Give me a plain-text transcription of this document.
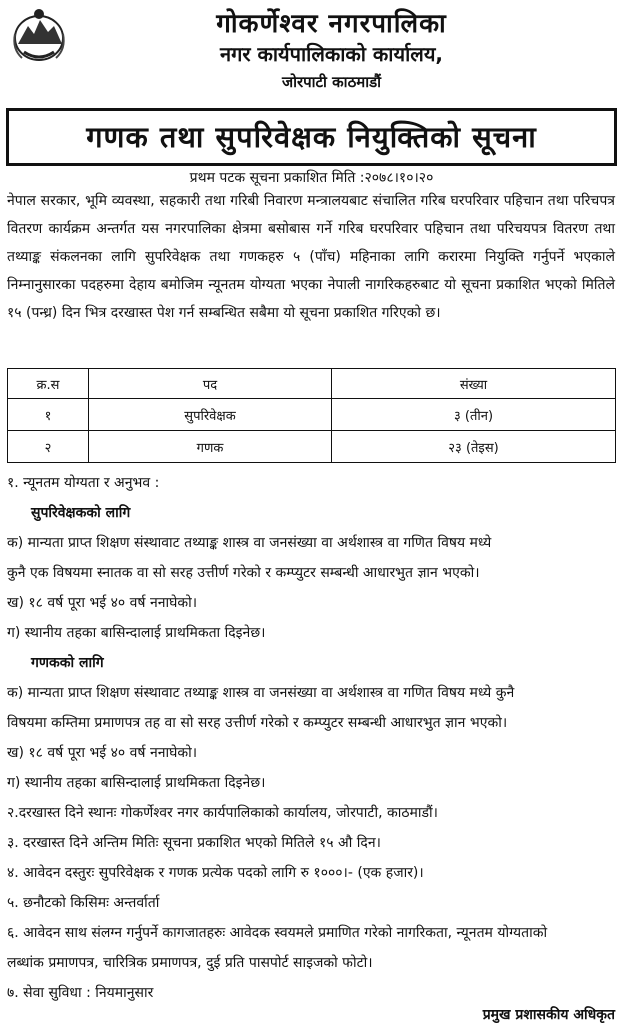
गोकर्णेश्वर नगरपालिका
नगर कार्यपालिकाको कार्यालय,
जोरपाटी काठमाडौं
गणक तथा सुपरिवेक्षक नियुक्तिको सूचना
प्रथम पटक सूचना प्रकाशित मिति :२०७८।१०।२०
नेपाल सरकार, भूमि व्यवस्था, सहकारी तथा गरिबी निवारण मन्त्रालयबाट संचालित गरिब घरपरिवार पहिचान तथा परिचपत्र वितरण कार्यक्रम अन्तर्गत यस नगरपालिका क्षेत्रमा बसोबास गर्ने गरिब घरपरिवार पहिचान तथा परिचयपत्र वितरण तथा तथ्याङ्क संकलनका लागि सुपरिवेक्षक तथा गणकहरु ५ (पाँच) महिनाका लागि करारमा नियुक्ति गर्नुपर्ने भएकाले निम्नानुसारका पदहरुमा देहाय बमोजिम न्यूनतम योग्यता भएका नेपाली नागरिकहरुबाट यो सूचना प्रकाशित भएको मितिले १५ (पन्ध्र) दिन भित्र दरखास्त पेश गर्न सम्बन्धित सबैमा यो सूचना प्रकाशित गरिएको छ।
क्र.स	पद	संख्या
१	सुपरिवेक्षक	३ (तीन)
२	गणक	२३ (तेइस)
१. न्यूनतम योग्यता र अनुभव :
सुपरिवेक्षकको लागि
क) मान्यता प्राप्त शिक्षण संस्थावाट तथ्याङ्क शास्त्र वा जनसंख्या वा अर्थशास्त्र वा गणित विषय मध्ये
कुनै एक विषयमा स्नातक वा सो सरह उत्तीर्ण गरेको र कम्प्युटर सम्बन्धी आधारभुत ज्ञान भएको।
ख) १८ वर्ष पूरा भई ४० वर्ष ननाघेको।
ग) स्थानीय तहका बासिन्दालाई प्राथमिकता दिइनेछ।
गणकको लागि
क) मान्यता प्राप्त शिक्षण संस्थावाट तथ्याङ्क शास्त्र वा जनसंख्या वा अर्थशास्त्र वा गणित विषय मध्ये कुनै
विषयमा कम्तिमा प्रमाणपत्र तह वा सो सरह उत्तीर्ण गरेको र कम्प्युटर सम्बन्धी आधारभुत ज्ञान भएको।
ख) १८ वर्ष पूरा भई ४० वर्ष ननाघेको।
ग) स्थानीय तहका बासिन्दालाई प्राथमिकता दिइनेछ।
२.दरखास्त दिने स्थानः गोकर्णेश्वर नगर कार्यपालिकाको कार्यालय, जोरपाटी, काठमाडौं।
३. दरखास्त दिने अन्तिम मितिः सूचना प्रकाशित भएको मितिले १५ औ दिन।
४. आवेदन दस्तुरः सुपरिवेक्षक र गणक प्रत्येक पदको लागि रु १०००।- (एक हजार)।
५. छनौटको किसिमः अन्तर्वार्ता
६. आवेदन साथ संलग्न गर्नुपर्ने कागजातहरुः आवेदक स्वयमले प्रमाणित गरेको नागरिकता, न्यूनतम योग्यताको
लब्धांक प्रमाणपत्र, चारित्रिक प्रमाणपत्र, दुई प्रति पासपोर्ट साइजको फोटो।
७. सेवा सुविधा : नियमानुसार
प्रमुख प्रशासकीय अधिकृत
